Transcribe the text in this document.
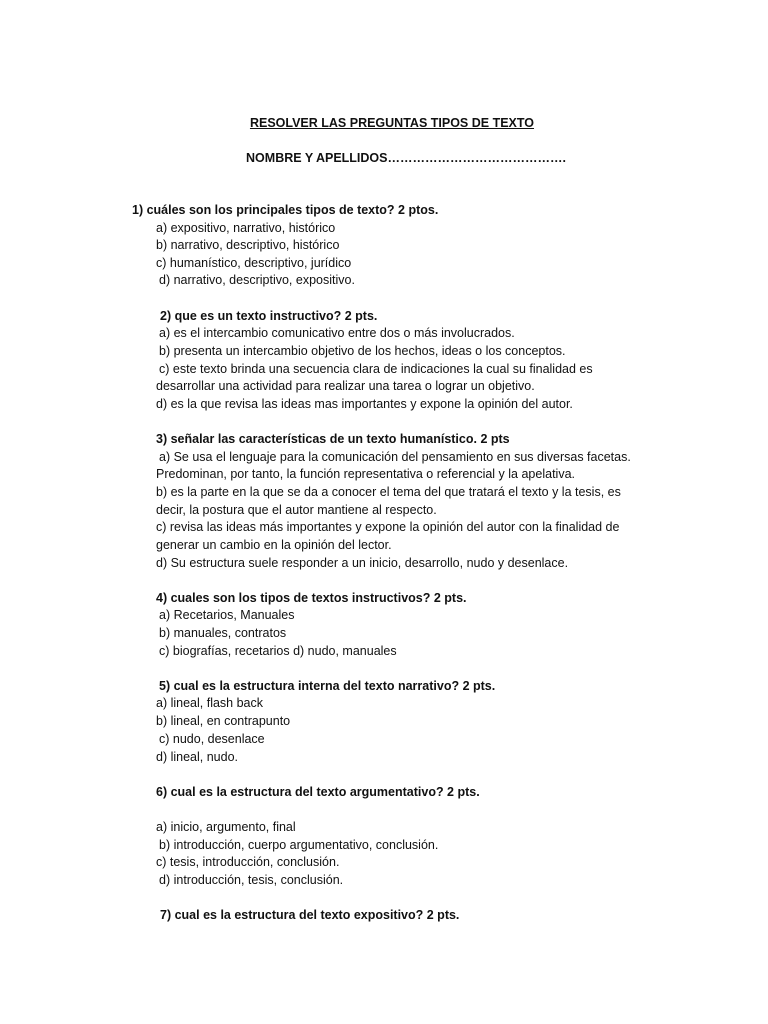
RESOLVER LAS PREGUNTAS TIPOS DE TEXTO
NOMBRE Y APELLIDOS…………………………………….
1) cuáles son los principales tipos de texto? 2 ptos.
a) expositivo, narrativo, histórico
b) narrativo, descriptivo, histórico
c) humanístico, descriptivo, jurídico
d) narrativo, descriptivo, expositivo.
2) que es un texto instructivo? 2 pts.
a) es el intercambio comunicativo entre dos o más involucrados.
b) presenta un intercambio objetivo de los hechos, ideas o los conceptos.
c) este texto brinda una secuencia clara de indicaciones la cual su finalidad es
desarrollar una actividad para realizar una tarea o lograr un objetivo.
d) es la que revisa las ideas mas importantes y expone la opinión del autor.
3) señalar las características de un texto humanístico. 2 pts
a) Se usa el lenguaje para la comunicación del pensamiento en sus diversas facetas.
Predominan, por tanto, la función representativa o referencial y la apelativa.
b) es la parte en la que se da a conocer el tema del que tratará el texto y la tesis, es
decir, la postura que el autor mantiene al respecto.
c) revisa las ideas más importantes y expone la opinión del autor con la finalidad de
generar un cambio en la opinión del lector.
d) Su estructura suele responder a un inicio, desarrollo, nudo y desenlace.
4) cuales son los tipos de textos instructivos? 2 pts.
a) Recetarios, Manuales
b) manuales, contratos
c) biografías, recetarios d) nudo, manuales
5) cual es la estructura interna del texto narrativo? 2 pts.
a) lineal, flash back
b) lineal, en contrapunto
c) nudo, desenlace
d) lineal, nudo.
6) cual es la estructura del texto argumentativo? 2 pts.
a) inicio, argumento, final
b) introducción, cuerpo argumentativo, conclusión.
c) tesis, introducción, conclusión.
d) introducción, tesis, conclusión.
7) cual es la estructura del texto expositivo? 2 pts.
